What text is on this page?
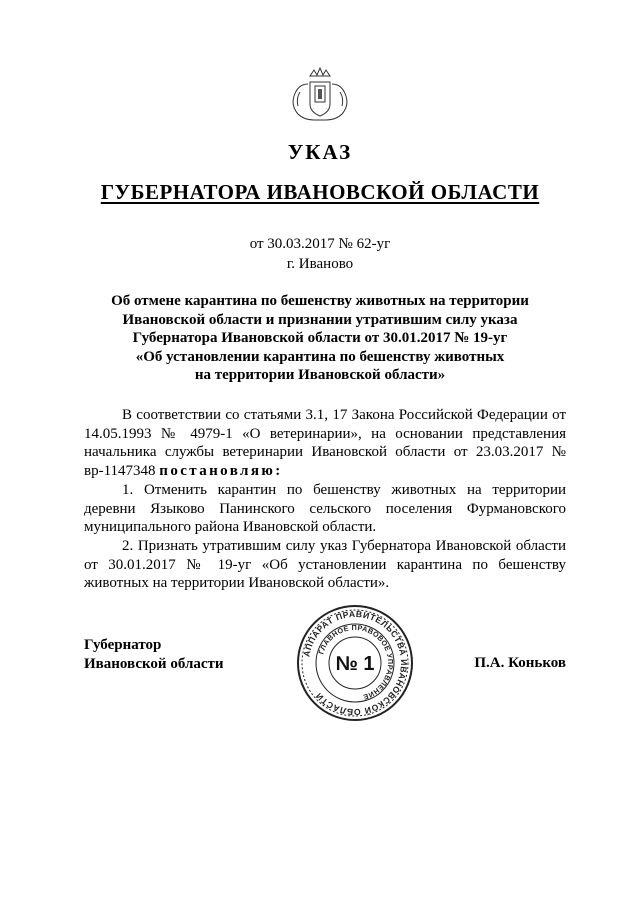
УКАЗ
ГУБЕРНАТОРА ИВАНОВСКОЙ ОБЛАСТИ
от 30.03.2017 № 62-уг
г. Иваново
Об отмене карантина по бешенству животных на территории
Ивановской области и признании утратившим силу указа
Губернатора Ивановской области от 30.01.2017 № 19-уг
«Об установлении карантина по бешенству животных
на территории Ивановской области»

В соответствии со статьями 3.1, 17 Закона Российской Федерации от 14.05.1993 № 4979-1 «О ветеринарии», на основании представления начальника службы ветеринарии Ивановской области от 23.03.2017 № вр-1147348 постановляю:

1. Отменить карантин по бешенству животных на территории деревни Языково Панинского сельского поселения Фурмановского муниципального района Ивановской области.

2. Признать утратившим силу указ Губернатора Ивановской области от 30.01.2017 № 19-уг «Об установлении карантина по бешенству животных на территории Ивановской области».

Губернатор
Ивановской области	П.А. Коньков
АППАРАТ ПРАВИТЕЛЬСТВА ИВАНОВСКОЙ ОБЛАСТИ
ГЛАВНОЕ ПРАВОВОЕ УПРАВЛЕНИЕ
№ 1
